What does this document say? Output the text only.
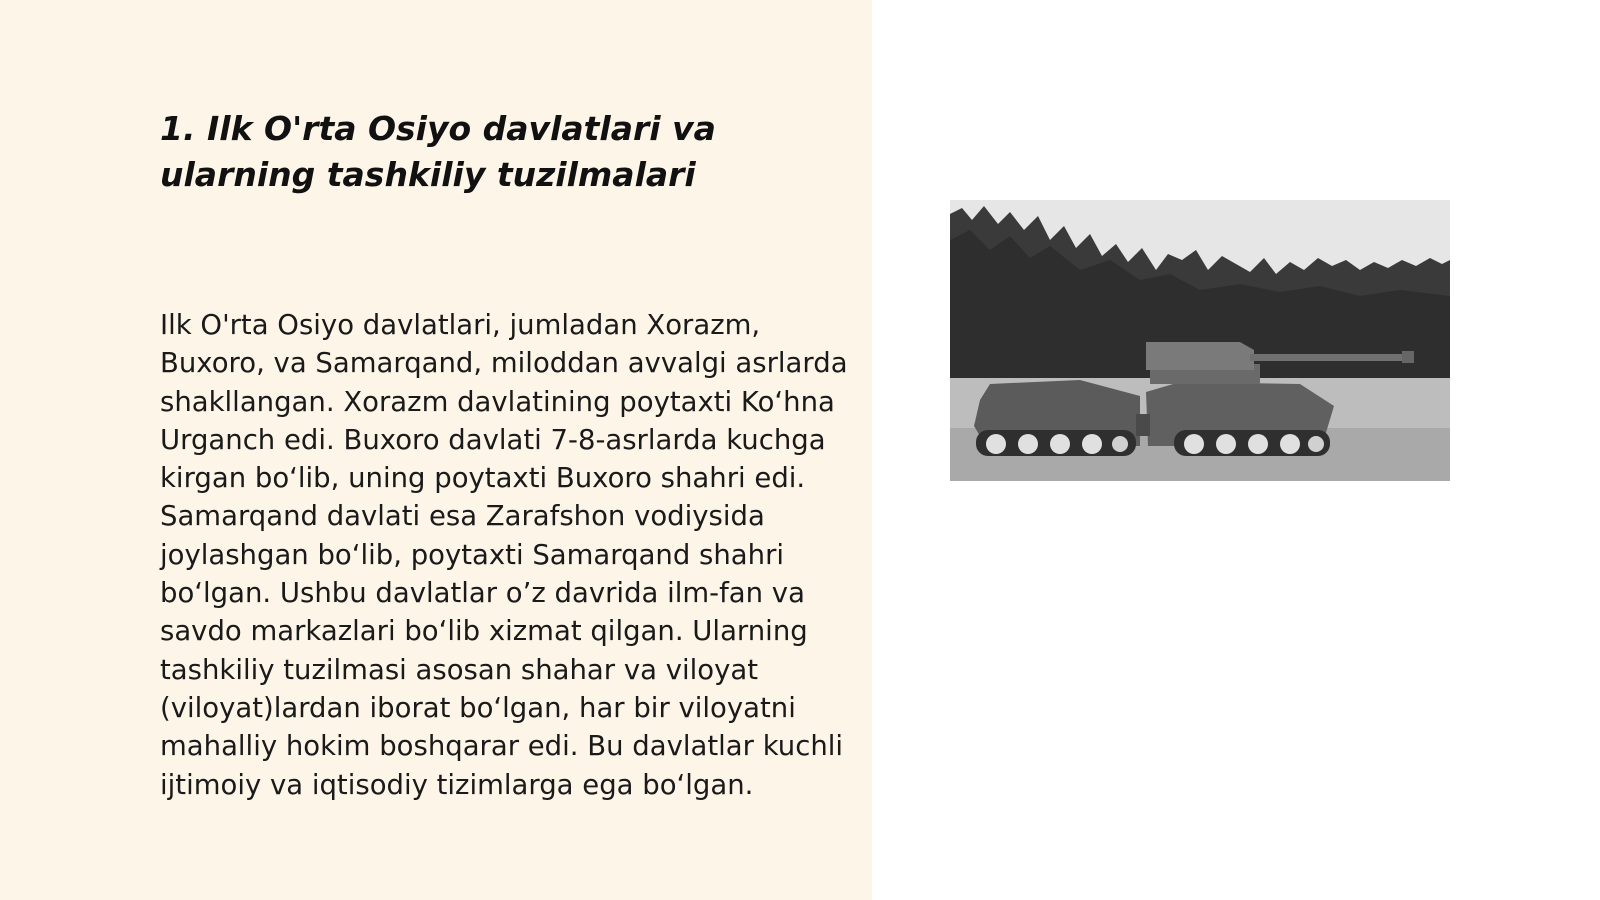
1. Ilk O'rta Osiyo davlatlari va ularning tashkiliy tuzilmalari

Ilk O'rta Osiyo davlatlari, jumladan Xorazm, Buxoro, va Samarqand, miloddan avvalgi asrlarda shakllangan. Xorazm davlatining poytaxti Ko‘hna Urganch edi. Buxoro davlati 7-8-asrlarda kuchga kirgan bo‘lib, uning poytaxti Buxoro shahri edi. Samarqand davlati esa Zarafshon vodiysida joylashgan bo‘lib, poytaxti Samarqand shahri bo‘lgan. Ushbu davlatlar o’z davrida ilm-fan va savdo markazlari bo‘lib xizmat qilgan. Ularning tashkiliy tuzilmasi asosan shahar va viloyat (viloyat)lardan iborat bo‘lgan, har bir viloyatni mahalliy hokim boshqarar edi. Bu davlatlar kuchli ijtimoiy va iqtisodiy tizimlarga ega bo‘lgan.
